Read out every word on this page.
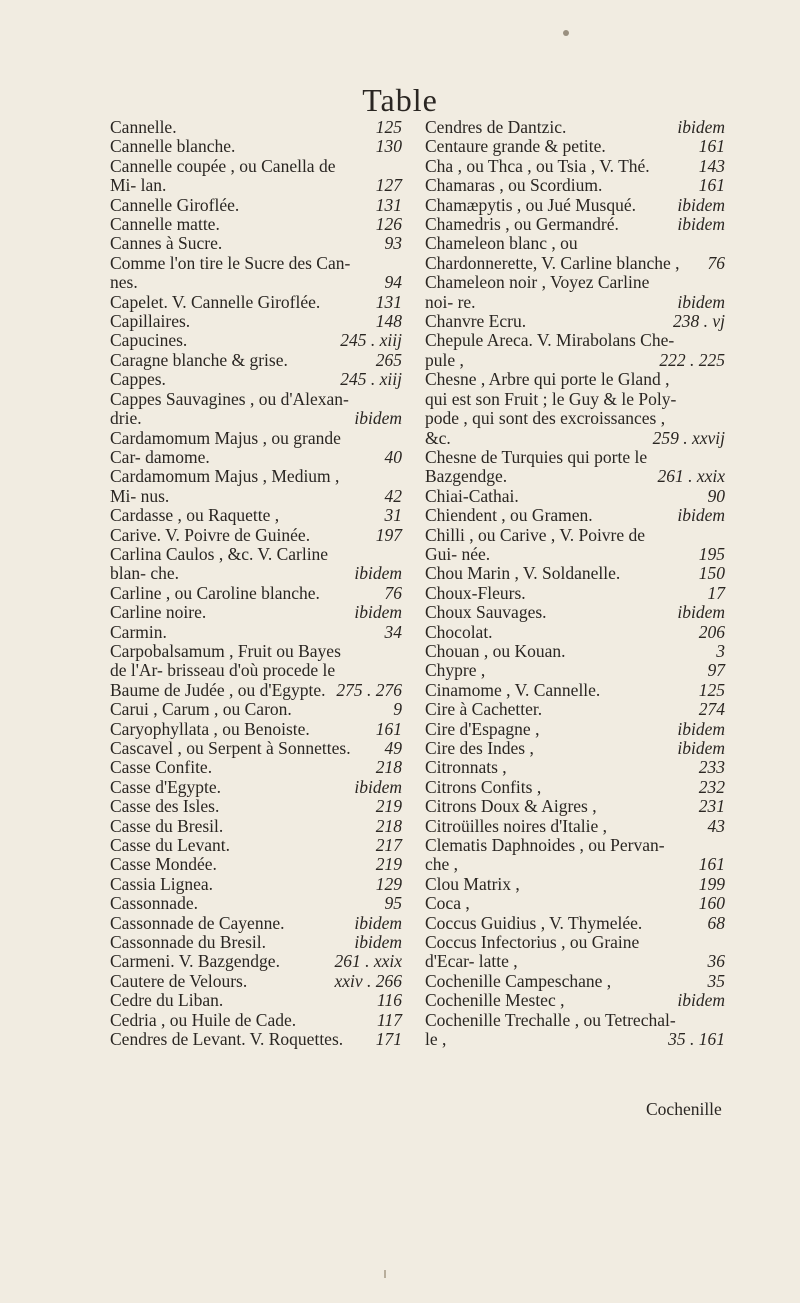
Table
Cannelle.	125
Cannelle blanche.	130
Cannelle coupée , ou Canella de Mi- lan.	127
Cannelle Giroflée.	131
Cannelle matte.	126
Cannes à Sucre.	93
Comme l'on tire le Sucre des Can- nes.	94
Capelet. V. Cannelle Giroflée.	131
Capillaires.	148
Capucines.	245 . xiij
Caragne blanche & grise.	265
Cappes.	245 . xiij
Cappes Sauvagines , ou d'Alexan- drie.	ibidem
Cardamomum Majus , ou grande Car- damome.	40
Cardamomum Majus , Medium , Mi- nus.	42
Cardasse , ou Raquette ,	31
Carive. V. Poivre de Guinée.	197
Carlina Caulos , &c. V. Carline blan- che.	ibidem
Carline , ou Caroline blanche.	76
Carline noire.	ibidem
Carmin.	34
Carpobalsamum , Fruit ou Bayes de l'Ar- brisseau d'où procede le Baume de Judée , ou d'Egypte. 275 . 276
Carui , Carum , ou Caron.	9
Caryophyllata , ou Benoiste.	161
Cascavel , ou Serpent à Sonnettes.	49
Casse Confite.	218
Casse d'Egypte.	ibidem
Casse des Isles.	219
Casse du Bresil.	218
Casse du Levant.	217
Casse Mondée.	219
Cassia Lignea.	129
Cassonnade.	95
Cassonnade de Cayenne.	ibidem
Cassonnade du Bresil.	ibidem
Carmeni. V. Bazgendge.	261 . xxix
Cautere de Velours.	xxiv . 266
Cedre du Liban.	116
Cedria , ou Huile de Cade.	117
Cendres de Levant. V. Roquettes.	171
Cendres de Dantzic.	ibidem
Centaure grande & petite.	161
Cha , ou Thca , ou Tsia , V. Thé.	143
Chamaras , ou Scordium.	161
Chamæpytis , ou Jué Musqué.	ibidem
Chamedris , ou Germandré.	ibidem
Chameleon blanc , ou Chardonnerette, V. Carline blanche ,	76
Chameleon noir , Voyez Carline noi- re.	ibidem
Chanvre Ecru.	238 . vj
Chepule Areca. V. Mirabolans Che- pule ,	222 . 225
Chesne , Arbre qui porte le Gland , qui est son Fruit ; le Guy & le Poly- pode , qui sont des excroissances , &c.	259 . xxvij
Chesne de Turquies qui porte le Bazgendge.	261 . xxix
Chiai-Cathai.	90
Chiendent , ou Gramen.	ibidem
Chilli , ou Carive , V. Poivre de Gui- née.	195
Chou Marin , V. Soldanelle.	150
Choux-Fleurs.	17
Choux Sauvages.	ibidem
Chocolat.	206
Chouan , ou Kouan.	3
Chypre ,	97
Cinamome , V. Cannelle.	125
Cire à Cachetter.	274
Cire d'Espagne ,	ibidem
Cire des Indes ,	ibidem
Citronnats ,	233
Citrons Confits ,	232
Citrons Doux & Aigres ,	231
Citroüilles noires d'Italie ,	43
Clematis Daphnoides , ou Pervan- che ,	161
Clou Matrix ,	199
Coca ,	160
Coccus Guidius , V. Thymelée.	68
Coccus Infectorius , ou Graine d'Ecar- latte ,	36
Cochenille Campeschane ,	35
Cochenille Mestec ,	ibidem
Cochenille Trechalle , ou Tetrechal- le ,	35 . 161
Cochenille
